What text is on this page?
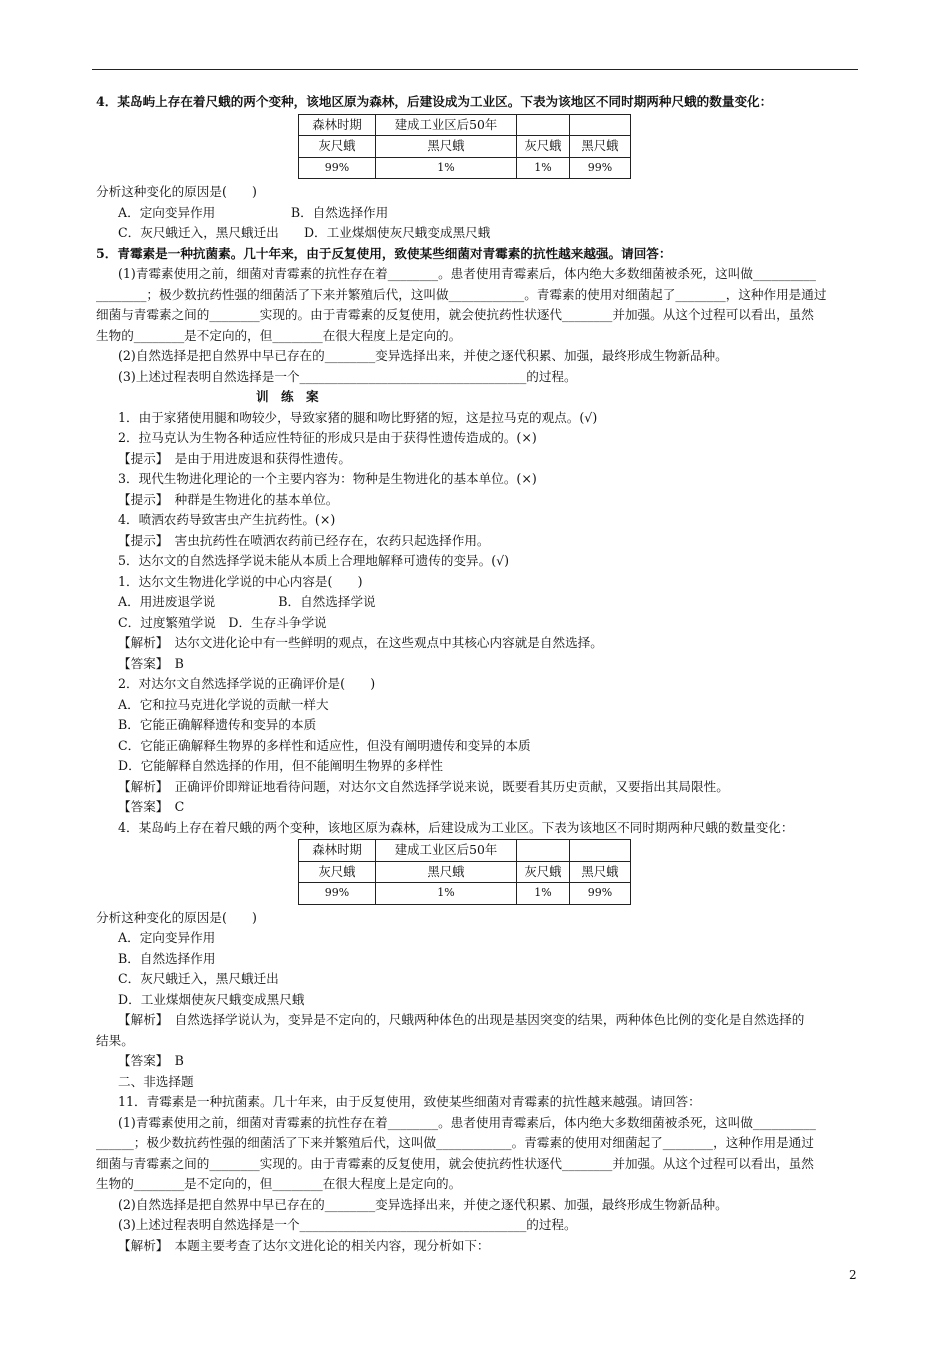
4．某岛屿上存在着尺蛾的两个变种，该地区原为森林，后建设成为工业区。下表为该地区不同时期两种尺蛾的数量变化：
森林时期	建成工业区后50年		
灰尺蛾	黑尺蛾	灰尺蛾	黑尺蛾
99%	1%	1%	99%
分析这种变化的原因是(　　)
A．定向变异作用　　　　　　B．自然选择作用
C．灰尺蛾迁入，黑尺蛾迁出　　D．工业煤烟使灰尺蛾变成黑尺蛾
5．青霉素是一种抗菌素。几十年来，由于反复使用，致使某些细菌对青霉素的抗性越来越强。请回答：
(1)青霉素使用之前，细菌对青霉素的抗性存在着________。患者使用青霉素后，体内绝大多数细菌被杀死，这叫做__________
________；极少数抗药性强的细菌活了下来并繁殖后代，这叫做____________。青霉素的使用对细菌起了________，这种作用是通过
细菌与青霉素之间的________实现的。由于青霉素的反复使用，就会使抗药性状逐代________并加强。从这个过程可以看出，虽然
生物的________是不定向的，但________在很大程度上是定向的。
(2)自然选择是把自然界中早已存在的________变异选择出来，并使之逐代积累、加强，最终形成生物新品种。
(3)上述过程表明自然选择是一个____________________________________的过程。
训 练 案
1．由于家猪使用腿和吻较少，导致家猪的腿和吻比野猪的短，这是拉马克的观点。(√)
2．拉马克认为生物各种适应性特征的形成只是由于获得性遗传造成的。(×)
【提示】　是由于用进废退和获得性遗传。
3．现代生物进化理论的一个主要内容为：物种是生物进化的基本单位。(×)
【提示】　种群是生物进化的基本单位。
4．喷洒农药导致害虫产生抗药性。(×)
【提示】　害虫抗药性在喷洒农药前已经存在，农药只起选择作用。
5．达尔文的自然选择学说未能从本质上合理地解释可遗传的变异。(√)
1．达尔文生物进化学说的中心内容是(　　)
A．用进废退学说　　　　　B．自然选择学说
C．过度繁殖学说　D．生存斗争学说
【解析】　达尔文进化论中有一些鲜明的观点，在这些观点中其核心内容就是自然选择。
【答案】　B
2．对达尔文自然选择学说的正确评价是(　　)
A．它和拉马克进化学说的贡献一样大
B．它能正确解释遗传和变异的本质
C．它能正确解释生物界的多样性和适应性，但没有阐明遗传和变异的本质
D．它能解释自然选择的作用，但不能阐明生物界的多样性
【解析】　正确评价即辩证地看待问题，对达尔文自然选择学说来说，既要看其历史贡献，又要指出其局限性。
【答案】　C
4．某岛屿上存在着尺蛾的两个变种，该地区原为森林，后建设成为工业区。下表为该地区不同时期两种尺蛾的数量变化：
森林时期	建成工业区后50年		
灰尺蛾	黑尺蛾	灰尺蛾	黑尺蛾
99%	1%	1%	99%
分析这种变化的原因是(　　)
A．定向变异作用
B．自然选择作用
C．灰尺蛾迁入，黑尺蛾迁出
D．工业煤烟使灰尺蛾变成黑尺蛾
【解析】　自然选择学说认为，变异是不定向的，尺蛾两种体色的出现是基因突变的结果，两种体色比例的变化是自然选择的
结果。
【答案】　B
二、非选择题
11．青霉素是一种抗菌素。几十年来，由于反复使用，致使某些细菌对青霉素的抗性越来越强。请回答：
(1)青霉素使用之前，细菌对青霉素的抗性存在着________。患者使用青霉素后，体内绝大多数细菌被杀死，这叫做__________
______；极少数抗药性强的细菌活了下来并繁殖后代，这叫做____________。青霉素的使用对细菌起了________，这种作用是通过
细菌与青霉素之间的________实现的。由于青霉素的反复使用，就会使抗药性状逐代________并加强。从这个过程可以看出，虽然
生物的________是不定向的，但________在很大程度上是定向的。
(2)自然选择是把自然界中早已存在的________变异选择出来，并使之逐代积累、加强，最终形成生物新品种。
(3)上述过程表明自然选择是一个____________________________________的过程。
【解析】　本题主要考查了达尔文进化论的相关内容，现分析如下：
2
